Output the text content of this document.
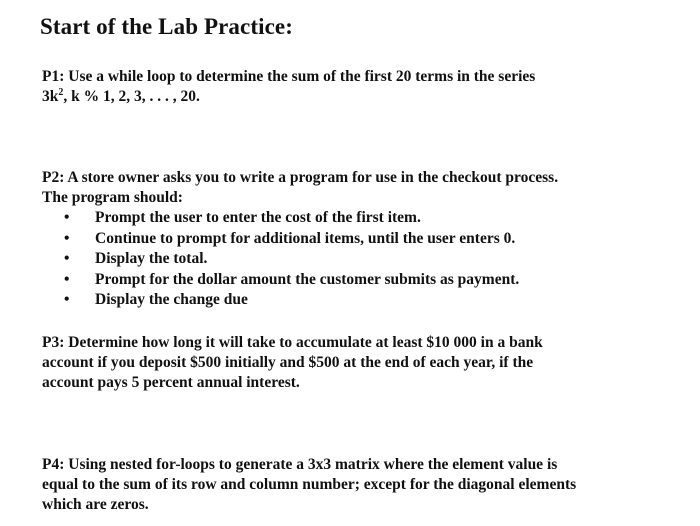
Start of the Lab Practice:
P1: Use a while loop to determine the sum of the first 20 terms in the series
$3k^2$, k % 1, 2, 3, . . . , 20.
P2: A store owner asks you to write a program for use in the checkout process.
The program should:
• Prompt the user to enter the cost of the first item.
• Continue to prompt for additional items, until the user enters 0.
• Display the total.
• Prompt for the dollar amount the customer submits as payment.
• Display the change due
P3: Determine how long it will take to accumulate at least $10 000 in a bank
account if you deposit $500 initially and $500 at the end of each year, if the
account pays 5 percent annual interest.
P4: Using nested for-loops to generate a 3x3 matrix where the element value is
equal to the sum of its row and column number; except for the diagonal elements
which are zeros.
